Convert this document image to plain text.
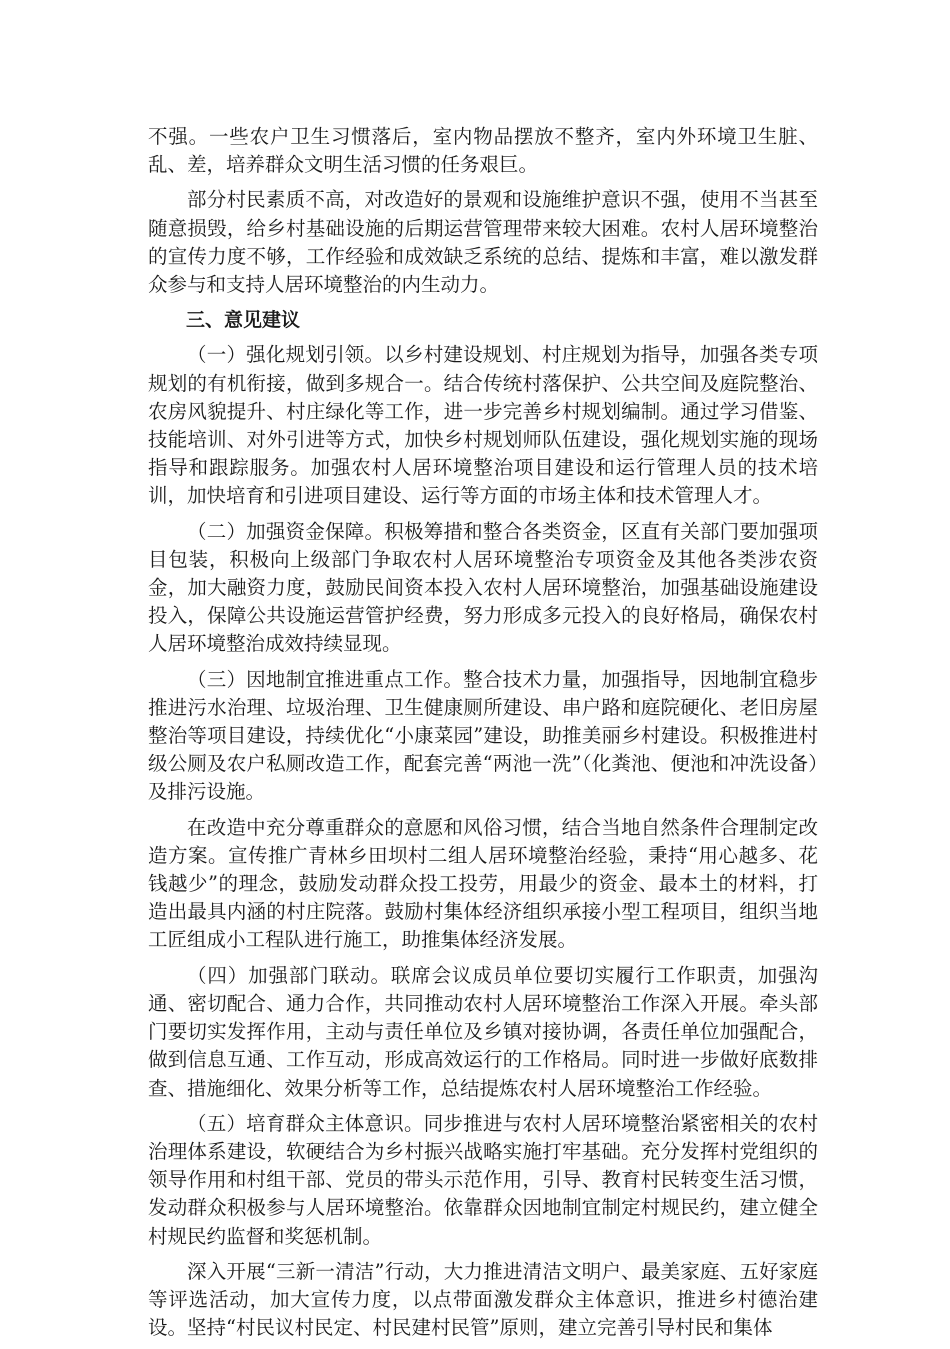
不强。一些农户卫生习惯落后，室内物品摆放不整齐，室内外环境卫生脏、乱、差，培养群众文明生活习惯的任务艰巨。

部分村民素质不高，对改造好的景观和设施维护意识不强，使用不当甚至随意损毁，给乡村基础设施的后期运营管理带来较大困难。农村人居环境整治的宣传力度不够，工作经验和成效缺乏系统的总结、提炼和丰富，难以激发群众参与和支持人居环境整治的内生动力。

三、意见建议

（一）强化规划引领。以乡村建设规划、村庄规划为指导，加强各类专项规划的有机衔接，做到多规合一。结合传统村落保护、公共空间及庭院整治、农房风貌提升、村庄绿化等工作，进一步完善乡村规划编制。通过学习借鉴、技能培训、对外引进等方式，加快乡村规划师队伍建设，强化规划实施的现场指导和跟踪服务。加强农村人居环境整治项目建设和运行管理人员的技术培训，加快培育和引进项目建设、运行等方面的市场主体和技术管理人才。

（二）加强资金保障。积极筹措和整合各类资金，区直有关部门要加强项目包装，积极向上级部门争取农村人居环境整治专项资金及其他各类涉农资金，加大融资力度，鼓励民间资本投入农村人居环境整治，加强基础设施建设投入，保障公共设施运营管护经费，努力形成多元投入的良好格局，确保农村人居环境整治成效持续显现。

（三）因地制宜推进重点工作。整合技术力量，加强指导，因地制宜稳步推进污水治理、垃圾治理、卫生健康厕所建设、串户路和庭院硬化、老旧房屋整治等项目建设，持续优化“小康菜园”建设，助推美丽乡村建设。积极推进村级公厕及农户私厕改造工作，配套完善“两池一洗”（化粪池、便池和冲洗设备）及排污设施。

在改造中充分尊重群众的意愿和风俗习惯，结合当地自然条件合理制定改造方案。宣传推广青林乡田坝村二组人居环境整治经验，秉持“用心越多、花钱越少”的理念，鼓励发动群众投工投劳，用最少的资金、最本土的材料，打造出最具内涵的村庄院落。鼓励村集体经济组织承接小型工程项目，组织当地工匠组成小工程队进行施工，助推集体经济发展。

（四）加强部门联动。联席会议成员单位要切实履行工作职责，加强沟通、密切配合、通力合作，共同推动农村人居环境整治工作深入开展。牵头部门要切实发挥作用，主动与责任单位及乡镇对接协调，各责任单位加强配合，做到信息互通、工作互动，形成高效运行的工作格局。同时进一步做好底数排查、措施细化、效果分析等工作，总结提炼农村人居环境整治工作经验。

（五）培育群众主体意识。同步推进与农村人居环境整治紧密相关的农村治理体系建设，软硬结合为乡村振兴战略实施打牢基础。充分发挥村党组织的领导作用和村组干部、党员的带头示范作用，引导、教育村民转变生活习惯，发动群众积极参与人居环境整治。依靠群众因地制宜制定村规民约，建立健全村规民约监督和奖惩机制。

深入开展“三新一清洁”行动，大力推进清洁文明户、最美家庭、五好家庭等评选活动，加大宣传力度，以点带面激发群众主体意识，推进乡村德治建设。坚持“村民议村民定、村民建村民管”原则，建立完善引导村民和集体
